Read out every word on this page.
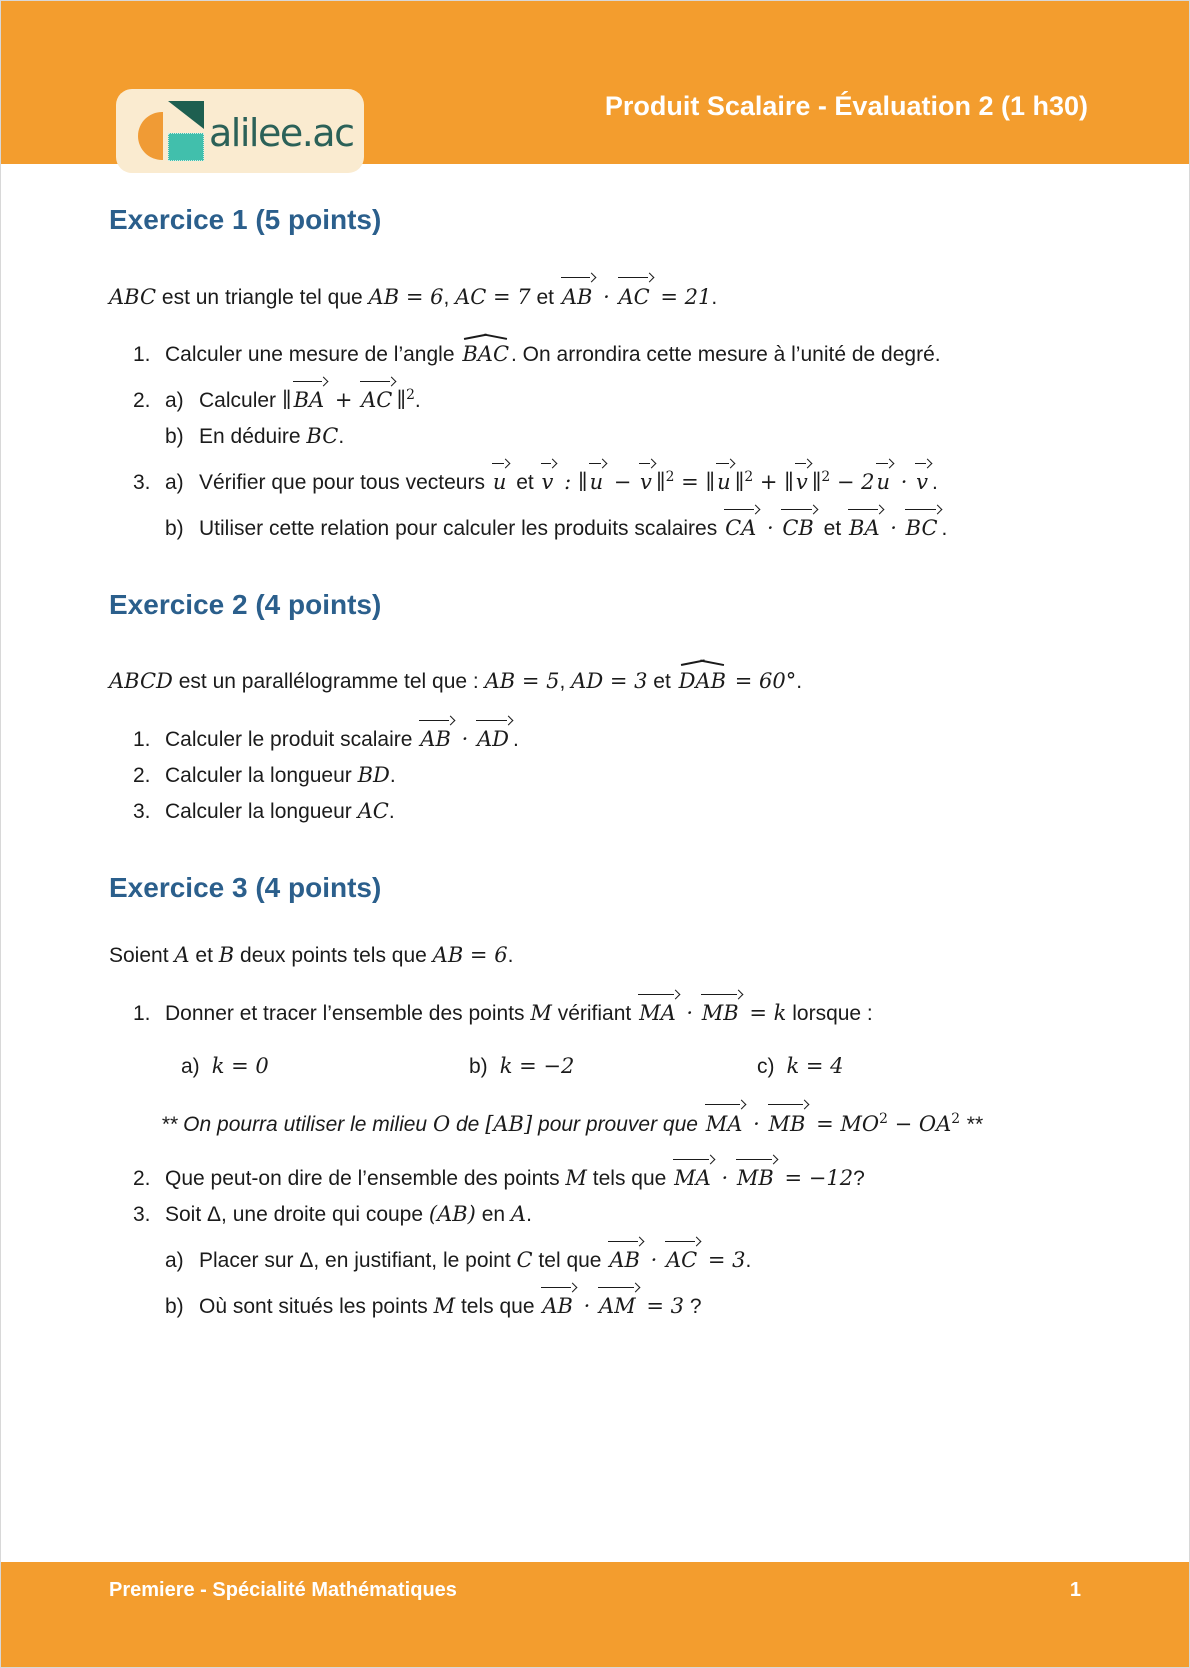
alilee.ac
Produit Scalaire - Évaluation 2 (1 h30)
Exercice 1 (5 points)

ABC est un triangle tel que AB = 6, AC = 7 et AB · AC = 21.

1. Calculer une mesure de l’angle BAC. On arrondira cette mesure à l’unité de degré.
2. a) Calculer ∥BA + AC ∥$^2$.
b) En déduire BC.
3. a) Vérifier que pour tous vecteurs u et v : ∥u − v ∥$^2$ = ∥u ∥$^2$ + ∥v ∥$^2$ − 2u · v .
b) Utiliser cette relation pour calculer les produits scalaires CA · CB et BA · BC .
Exercice 2 (4 points)

ABCD est un parallélogramme tel que : AB = 5, AD = 3 et DAB = 60°.

1. Calculer le produit scalaire AB · AD .
2. Calculer la longueur BD.
3. Calculer la longueur AC.
Exercice 3 (4 points)

Soient A et B deux points tels que AB = 6.

1. Donner et tracer l’ensemble des points M vérifiant MA · MB = k lorsque :
a) k = 0	b) k = −2	c) k = 4
** On pourra utiliser le milieu O de [AB] pour prouver que MA · MB = $MO^2 - OA^2$ **
2. Que peut-on dire de l’ensemble des points M tels que MA · MB = −12?
3. Soit Δ, une droite qui coupe (AB) en A.
a) Placer sur Δ, en justifiant, le point C tel que AB · AC = 3.
b) Où sont situés les points M tels que AB · AM = 3 ?
Premiere - Spécialité Mathématiques	1
